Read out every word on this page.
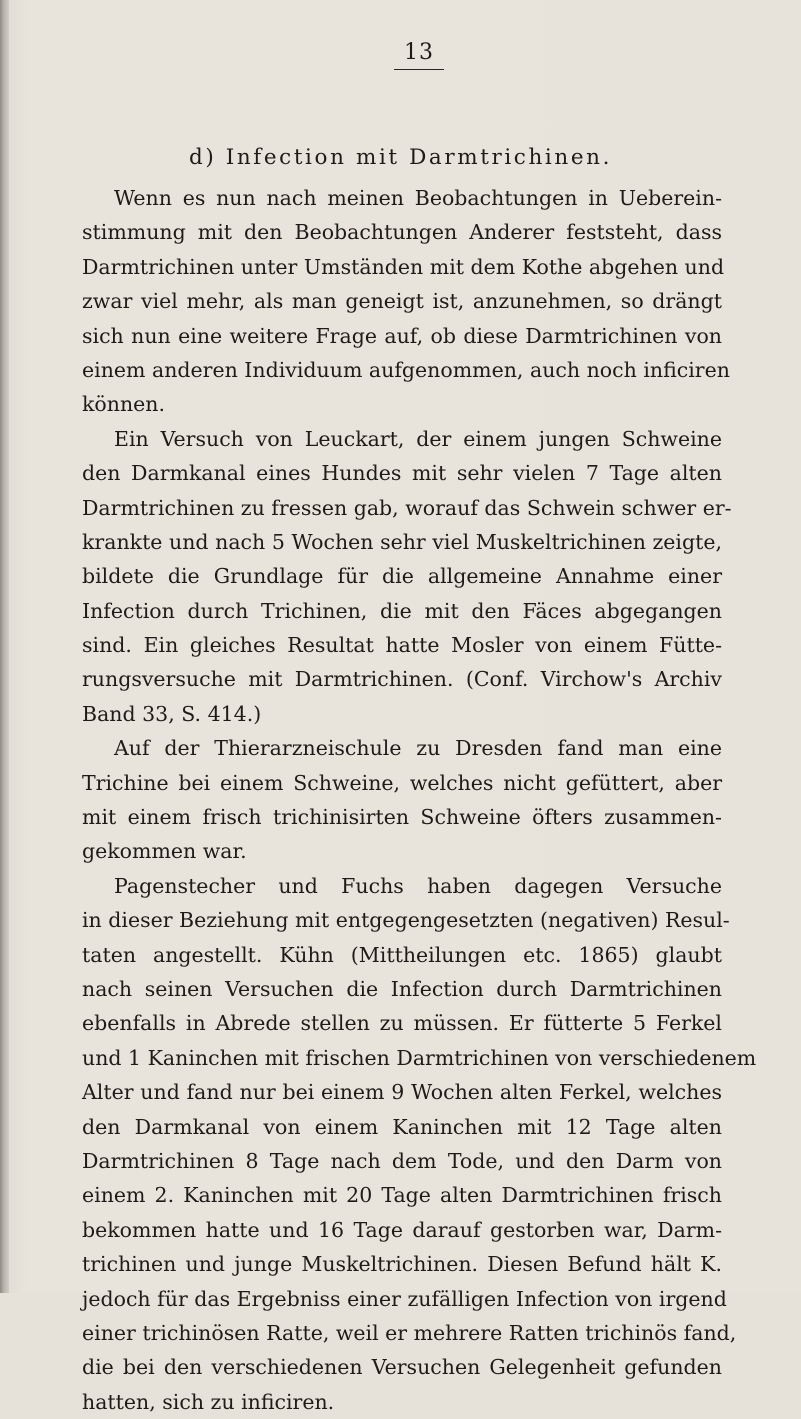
13
d) Infection mit Darmtrichinen.
Wenn es nun nach meinen Beobachtungen in Ueberein-
stimmung mit den Beobachtungen Anderer feststeht, dass
Darmtrichinen unter Umständen mit dem Kothe abgehen und
zwar viel mehr, als man geneigt ist, anzunehmen, so drängt
sich nun eine weitere Frage auf, ob diese Darmtrichinen von
einem anderen Individuum aufgenommen, auch noch inficiren
können.
Ein Versuch von Leuckart, der einem jungen Schweine
den Darmkanal eines Hundes mit sehr vielen 7 Tage alten
Darmtrichinen zu fressen gab, worauf das Schwein schwer er-
krankte und nach 5 Wochen sehr viel Muskeltrichinen zeigte,
bildete die Grundlage für die allgemeine Annahme einer
Infection durch Trichinen, die mit den Fäces abgegangen
sind. Ein gleiches Resultat hatte Mosler von einem Fütte-
rungsversuche mit Darmtrichinen. (Conf. Virchow's Archiv
Band 33, S. 414.)
Auf der Thierarzneischule zu Dresden fand man eine
Trichine bei einem Schweine, welches nicht gefüttert, aber
mit einem frisch trichinisirten Schweine öfters zusammen-
gekommen war.
Pagenstecher und Fuchs haben dagegen Versuche
in dieser Beziehung mit entgegengesetzten (negativen) Resul-
taten angestellt. Kühn (Mittheilungen etc. 1865) glaubt
nach seinen Versuchen die Infection durch Darmtrichinen
ebenfalls in Abrede stellen zu müssen. Er fütterte 5 Ferkel
und 1 Kaninchen mit frischen Darmtrichinen von verschiedenem
Alter und fand nur bei einem 9 Wochen alten Ferkel, welches
den Darmkanal von einem Kaninchen mit 12 Tage alten
Darmtrichinen 8 Tage nach dem Tode, und den Darm von
einem 2. Kaninchen mit 20 Tage alten Darmtrichinen frisch
bekommen hatte und 16 Tage darauf gestorben war, Darm-
trichinen und junge Muskeltrichinen. Diesen Befund hält K.
jedoch für das Ergebniss einer zufälligen Infection von irgend
einer trichinösen Ratte, weil er mehrere Ratten trichinös fand,
die bei den verschiedenen Versuchen Gelegenheit gefunden
hatten, sich zu inficiren.
